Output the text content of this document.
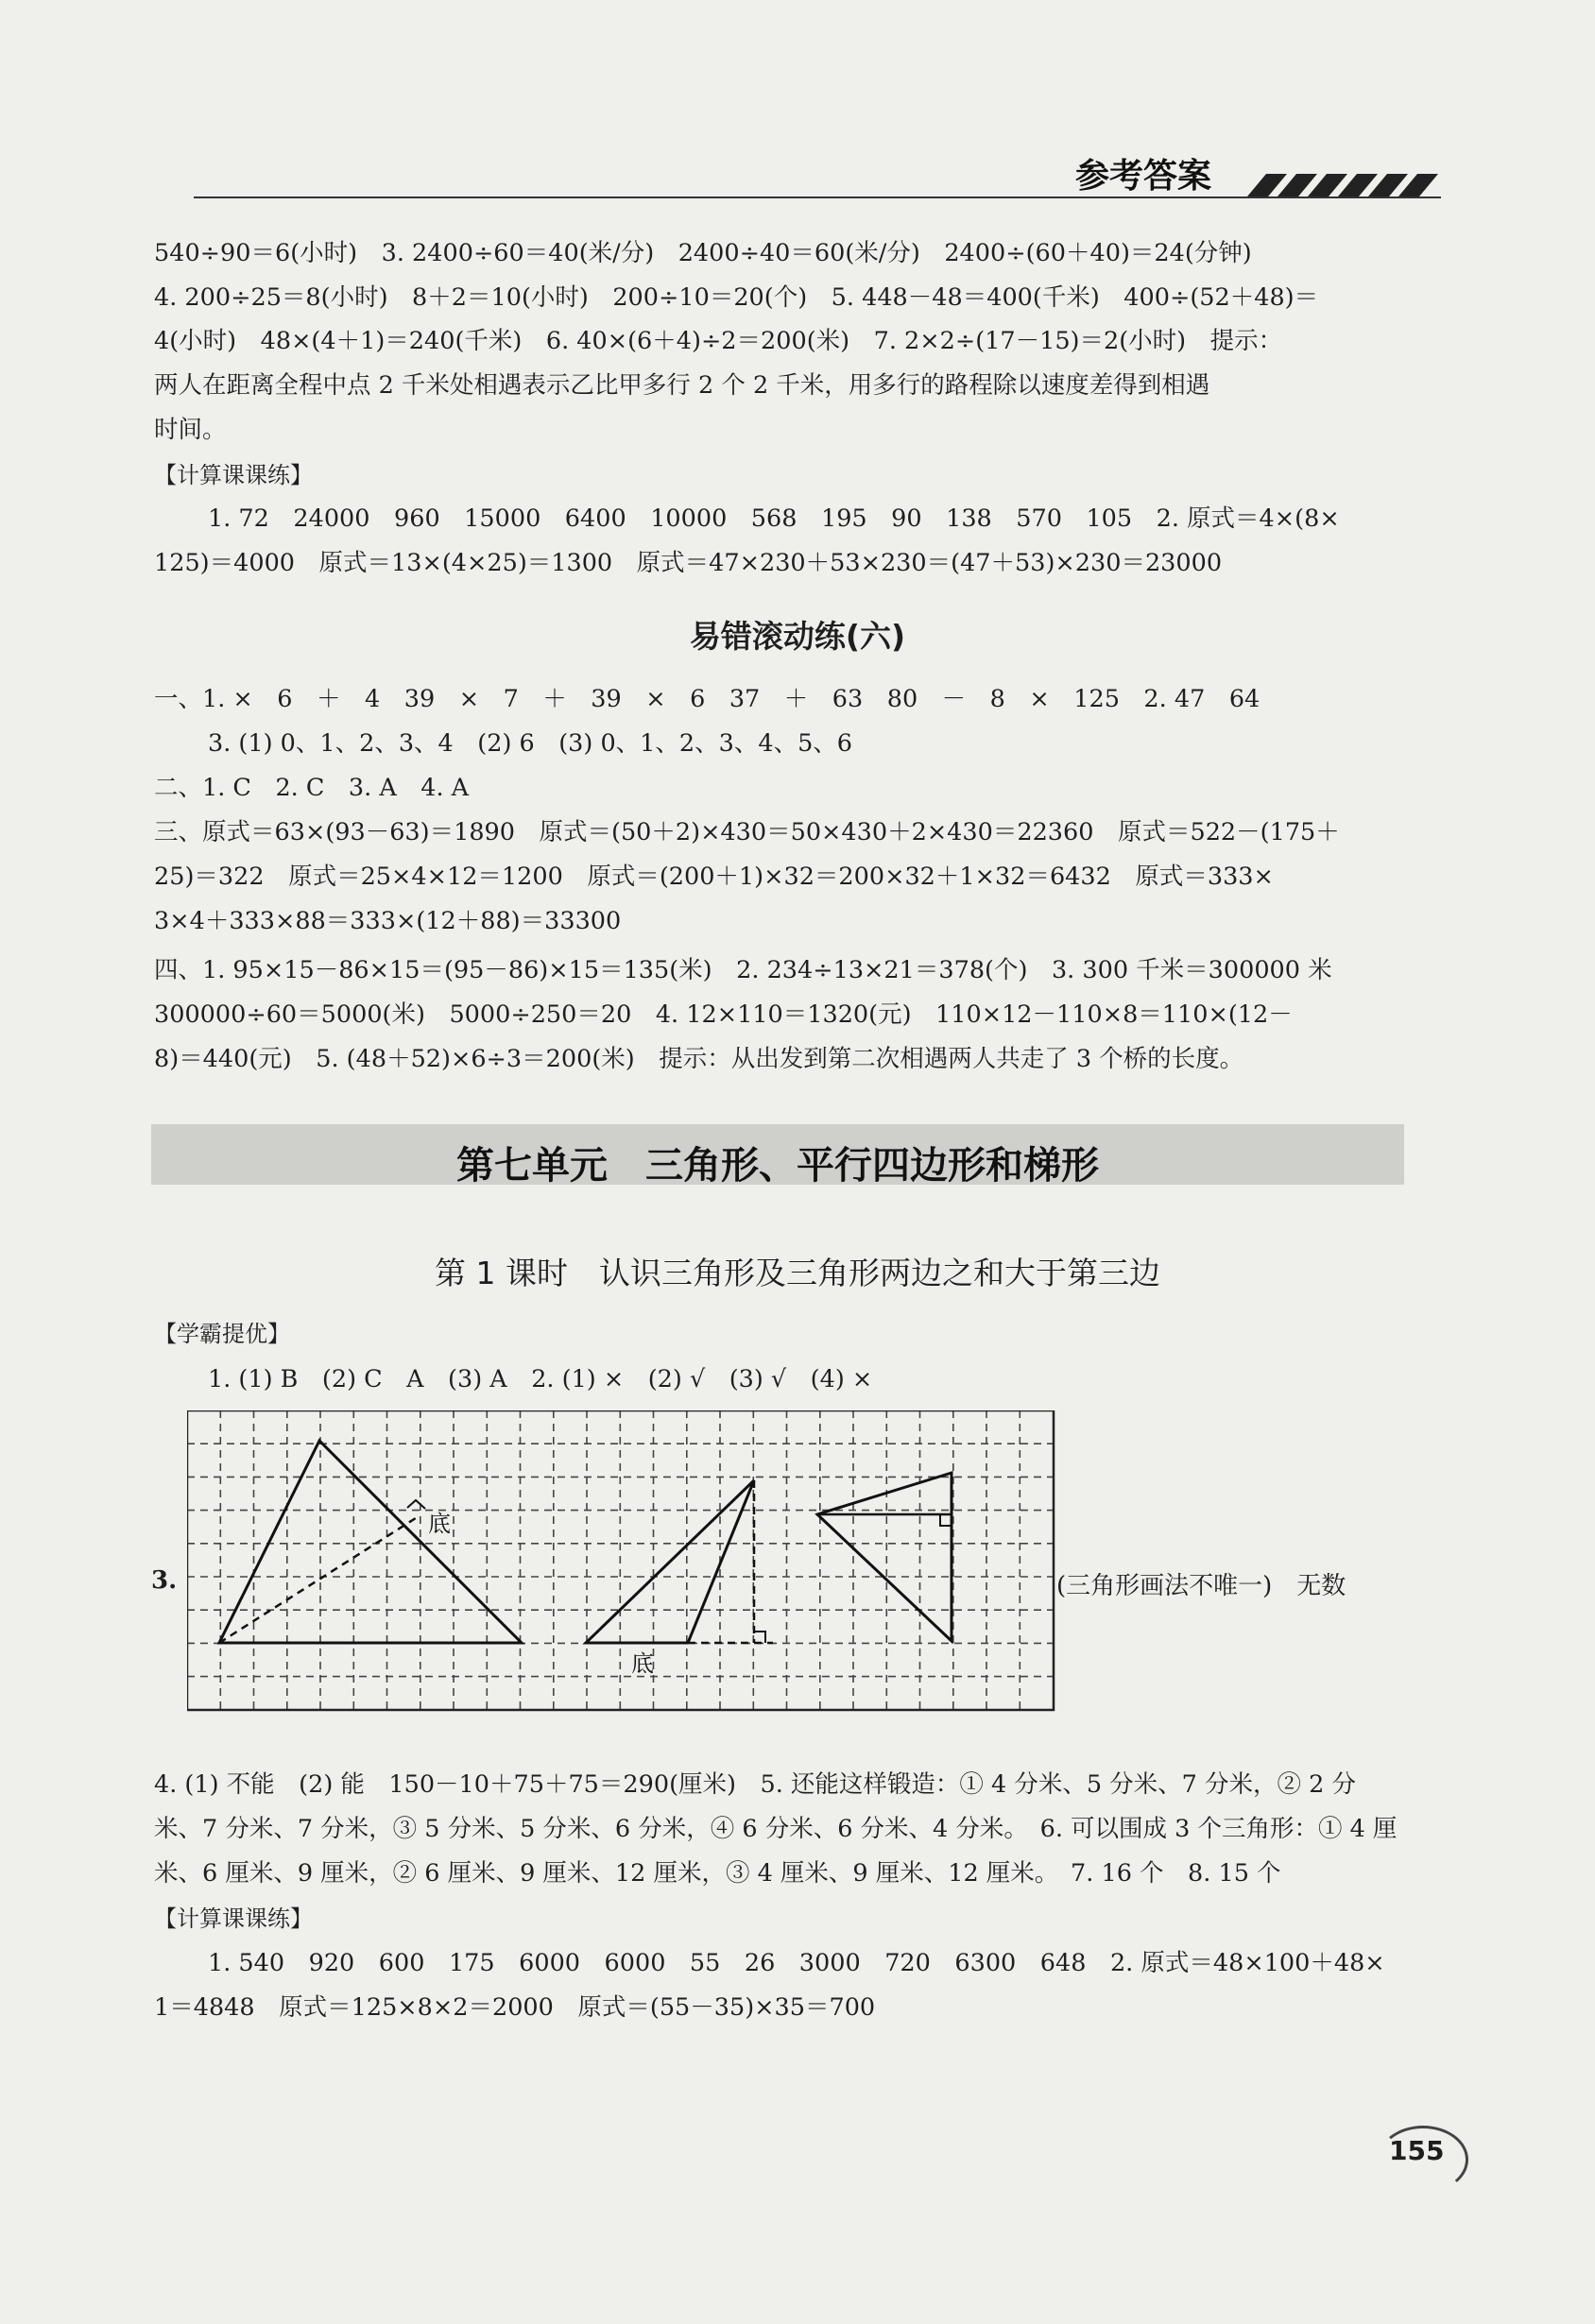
参考答案
540÷90＝6(小时)　3. 2400÷60＝40(米/分)　2400÷40＝60(米/分)　2400÷(60＋40)＝24(分钟)
4. 200÷25＝8(小时)　8＋2＝10(小时)　200÷10＝20(个)　5. 448－48＝400(千米)　400÷(52＋48)＝
4(小时)　48×(4＋1)＝240(千米)　6. 40×(6＋4)÷2＝200(米)　7. 2×2÷(17－15)＝2(小时)　提示：
两人在距离全程中点 2 千米处相遇表示乙比甲多行 2 个 2 千米，用多行的路程除以速度差得到相遇
时间。
【计算课课练】
1. 72　24000　960　15000　6400　10000　568　195　90　138　570　105　2. 原式＝4×(8×
125)＝4000　原式＝13×(4×25)＝1300　原式＝47×230＋53×230＝(47＋53)×230＝23000
易错滚动练(六)
一、1. ×　6　＋　4　39　×　7　＋　39　×　6　37　＋　63　80　－　8　×　125　2. 47　64
3. (1) 0、1、2、3、4　(2) 6　(3) 0、1、2、3、4、5、6
二、1. C　2. C　3. A　4. A
三、原式＝63×(93－63)＝1890　原式＝(50＋2)×430＝50×430＋2×430＝22360　原式＝522－(175＋
25)＝322　原式＝25×4×12＝1200　原式＝(200＋1)×32＝200×32＋1×32＝6432　原式＝333×
3×4＋333×88＝333×(12＋88)＝33300
四、1. 95×15－86×15＝(95－86)×15＝135(米)　2. 234÷13×21＝378(个)　3. 300 千米＝300000 米
300000÷60＝5000(米)　5000÷250＝20　4. 12×110＝1320(元)　110×12－110×8＝110×(12－
8)＝440(元)　5. (48＋52)×6÷3＝200(米)　提示：从出发到第二次相遇两人共走了 3 个桥的长度。
第七单元　三角形、平行四边形和梯形
第 1 课时　认识三角形及三角形两边之和大于第三边
【学霸提优】
1. (1) B　(2) C　A　(3) A　2. (1) ×　(2) √　(3) √　(4) ×
3.
底
底
(三角形画法不唯一)　无数
4. (1) 不能　(2) 能　150－10＋75＋75＝290(厘米)　5. 还能这样锻造：① 4 分米、5 分米、7 分米，② 2 分
米、7 分米、7 分米，③ 5 分米、5 分米、6 分米，④ 6 分米、6 分米、4 分米。　6. 可以围成 3 个三角形：① 4 厘
米、6 厘米、9 厘米，② 6 厘米、9 厘米、12 厘米，③ 4 厘米、9 厘米、12 厘米。　7. 16 个　8. 15 个
【计算课课练】
1. 540　920　600　175　6000　6000　55　26　3000　720　6300　648　2. 原式＝48×100＋48×
1＝4848　原式＝125×8×2＝2000　原式＝(55－35)×35＝700
155
